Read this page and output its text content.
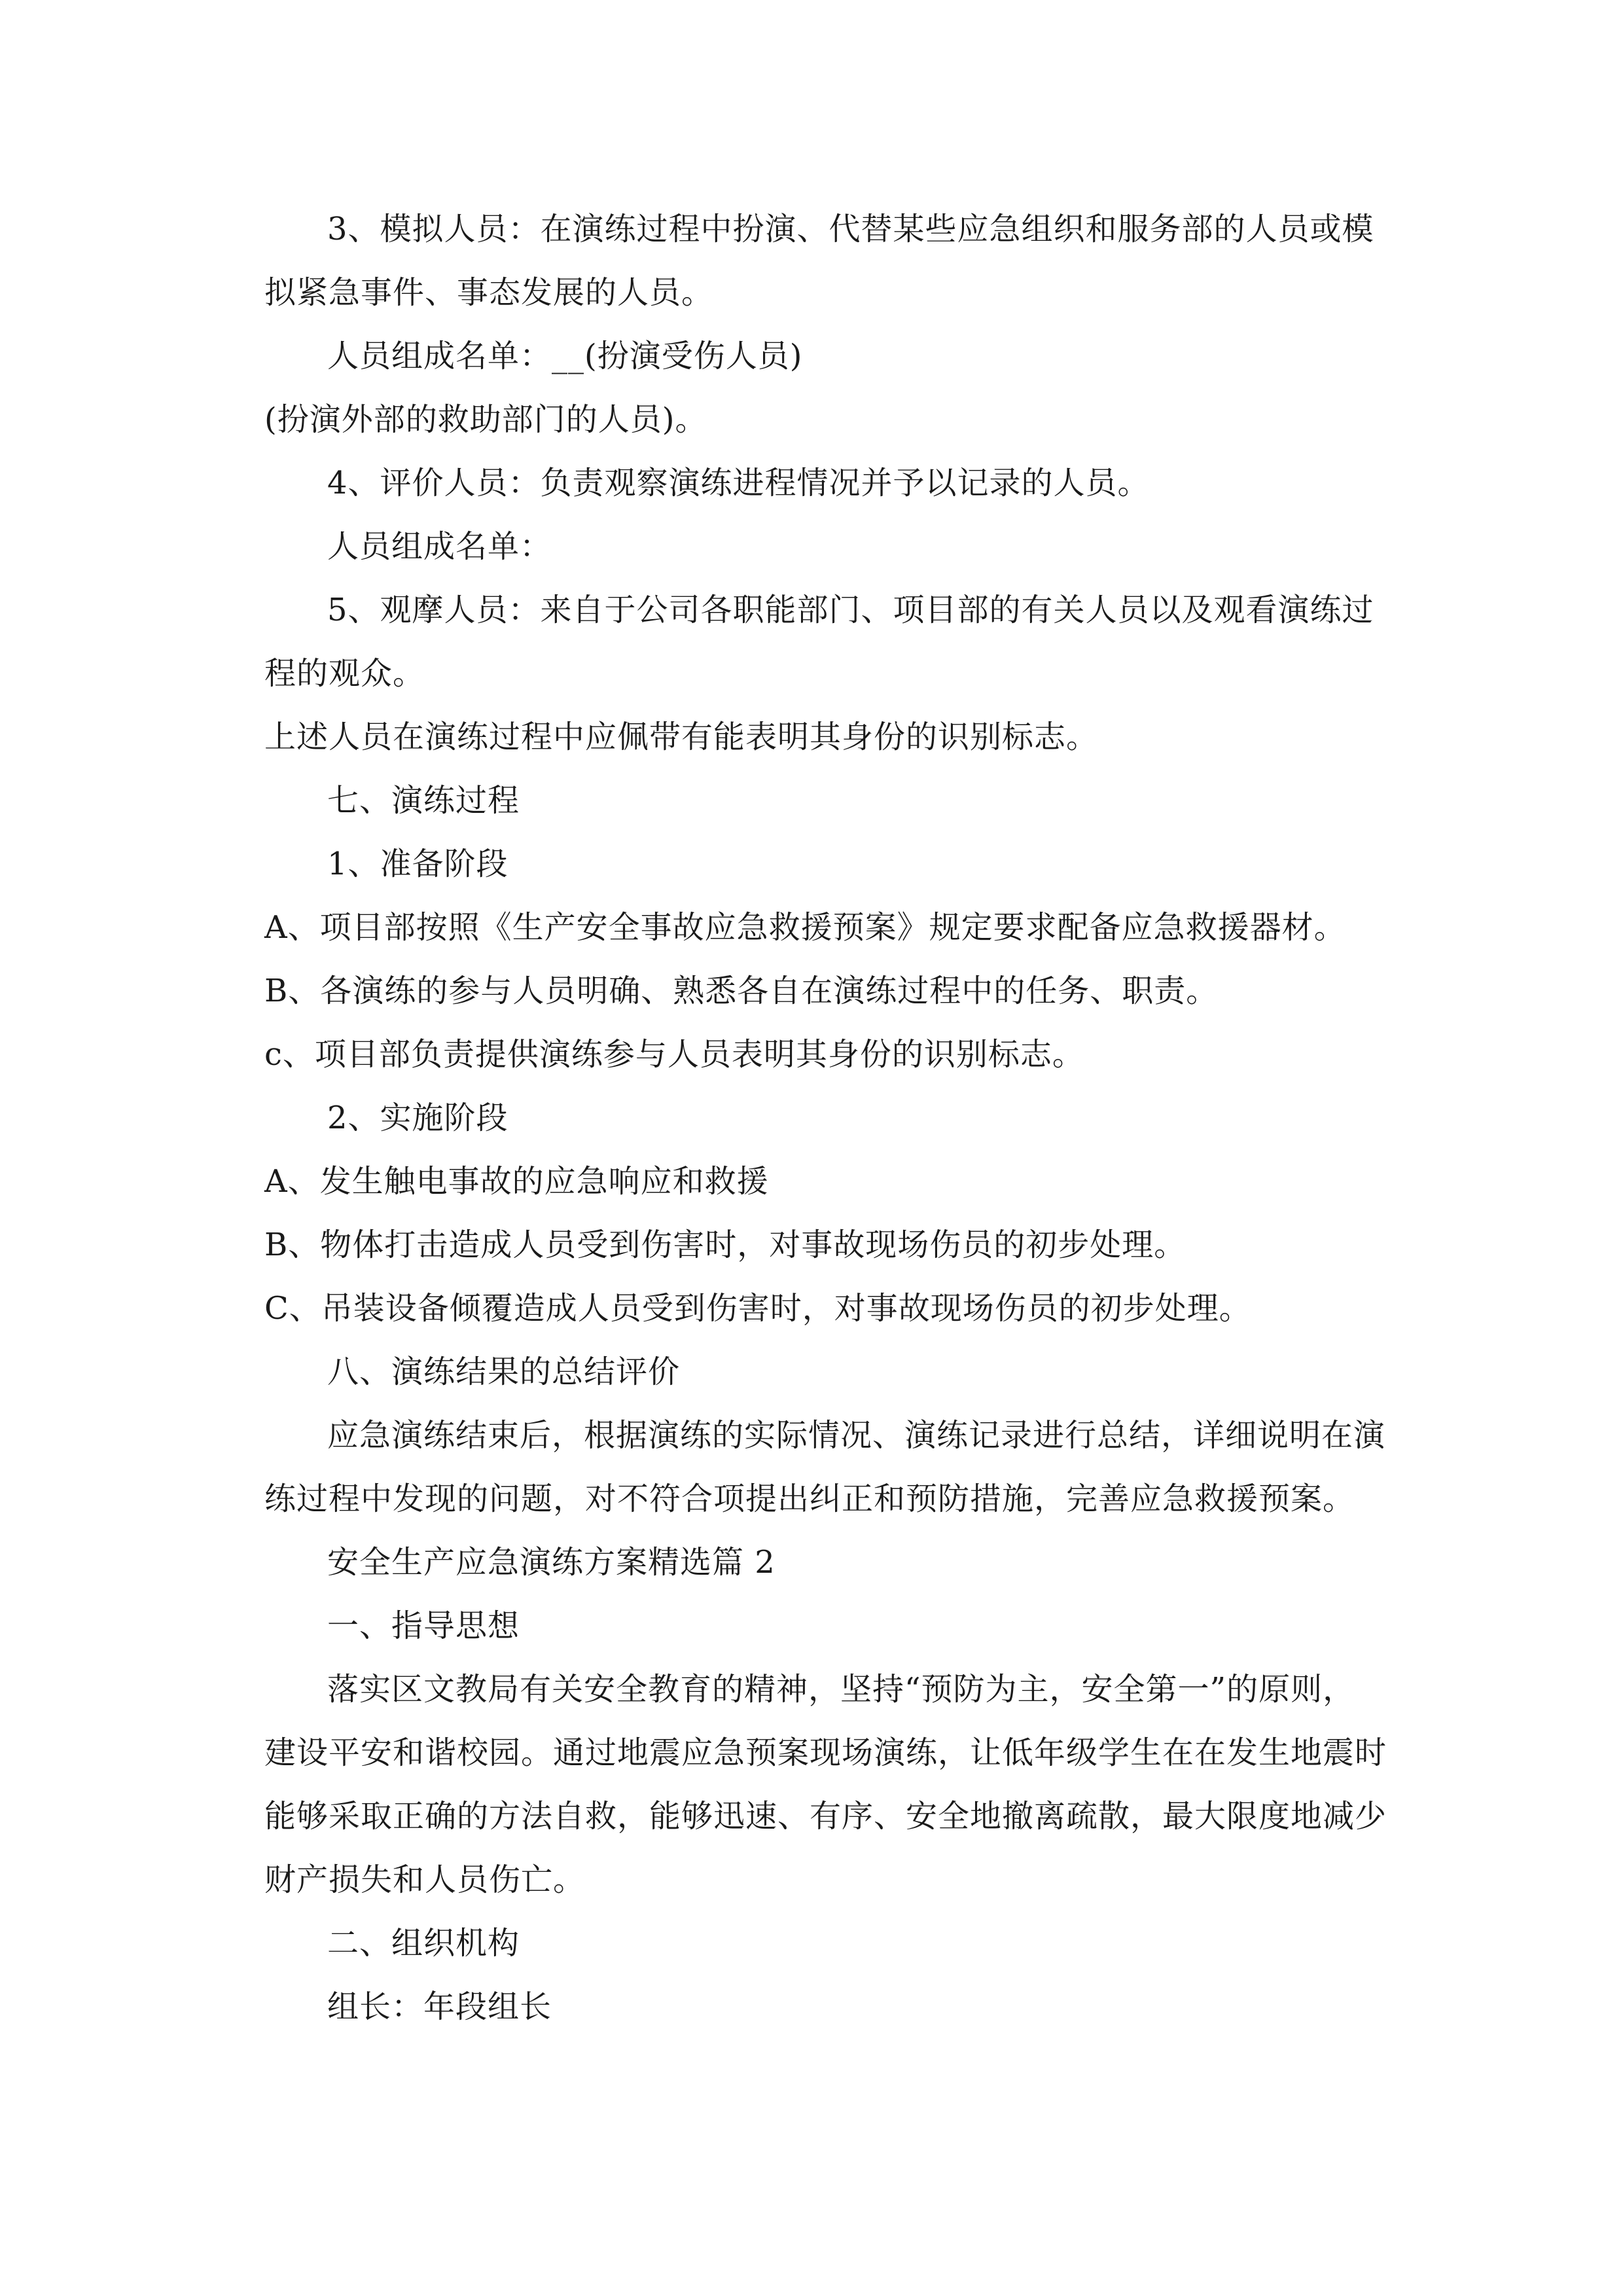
3、模拟人员：在演练过程中扮演、代替某些应急组织和服务部的人员或模

拟紧急事件、事态发展的人员。

人员组成名单：__(扮演受伤人员)

(扮演外部的救助部门的人员)。

4、评价人员：负责观察演练进程情况并予以记录的人员。

人员组成名单：

5、观摩人员：来自于公司各职能部门、项目部的有关人员以及观看演练过

程的观众。

上述人员在演练过程中应佩带有能表明其身份的识别标志。

七、演练过程

1、准备阶段

A、项目部按照《生产安全事故应急救援预案》规定要求配备应急救援器材。

B、各演练的参与人员明确、熟悉各自在演练过程中的任务、职责。

c、项目部负责提供演练参与人员表明其身份的识别标志。

2、实施阶段

A、发生触电事故的应急响应和救援

B、物体打击造成人员受到伤害时，对事故现场伤员的初步处理。

C、吊装设备倾覆造成人员受到伤害时，对事故现场伤员的初步处理。

八、演练结果的总结评价

应急演练结束后，根据演练的实际情况、演练记录进行总结，详细说明在演

练过程中发现的问题，对不符合项提出纠正和预防措施，完善应急救援预案。

安全生产应急演练方案精选篇 2

一、指导思想

落实区文教局有关安全教育的精神，坚持“预防为主，安全第一”的原则，

建设平安和谐校园。通过地震应急预案现场演练，让低年级学生在在发生地震时

能够采取正确的方法自救，能够迅速、有序、安全地撤离疏散，最大限度地减少

财产损失和人员伤亡。

二、组织机构

组长：年段组长
